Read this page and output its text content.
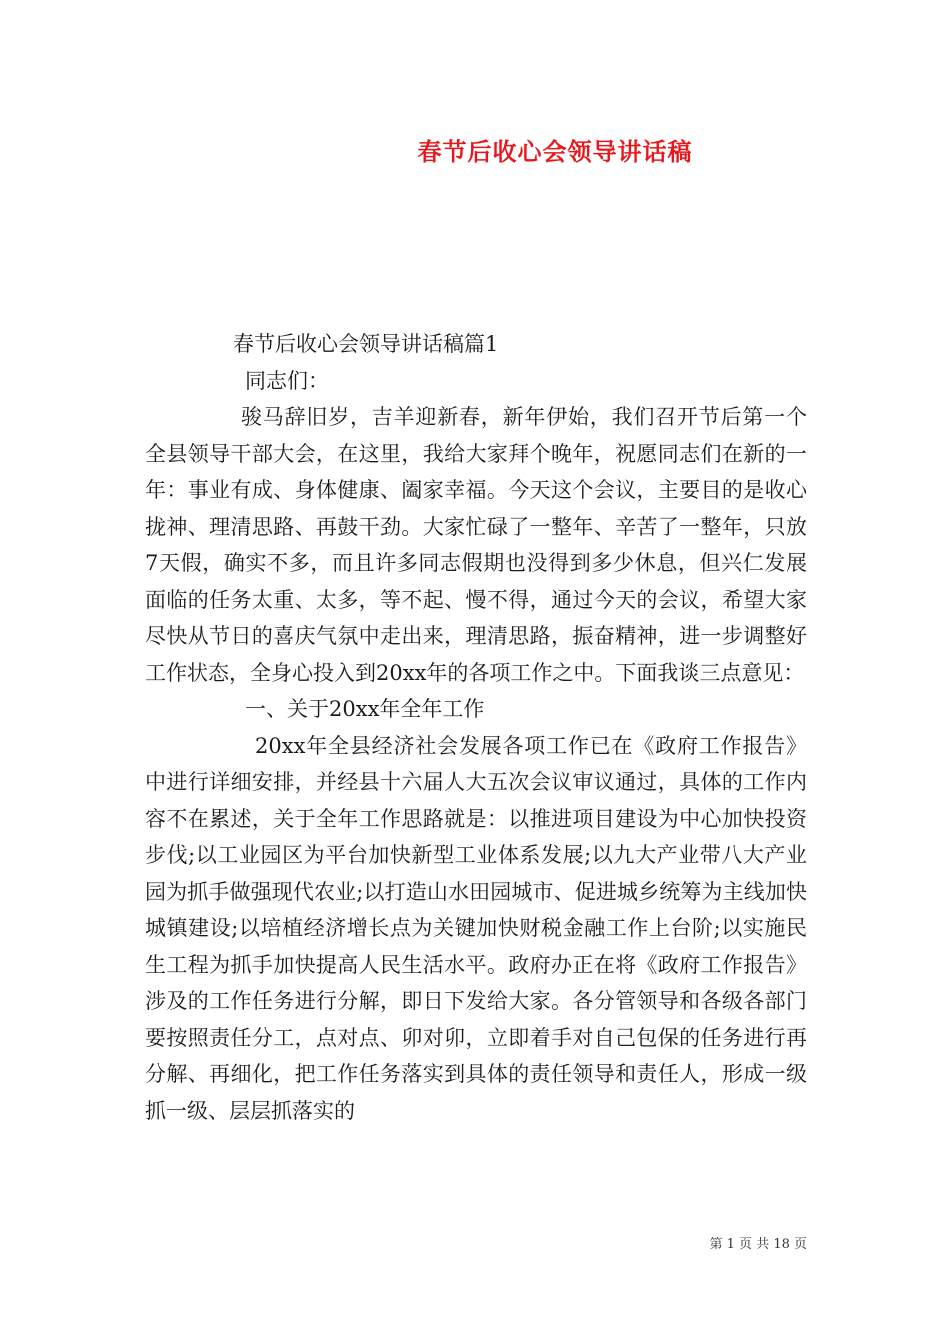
春节后收心会领导讲话稿
春节后收心会领导讲话稿篇1
同志们：

骏马辞旧岁，吉羊迎新春，新年伊始，我们召开节后第一个全县领导干部大会，在这里，我给大家拜个晚年，祝愿同志们在新的一年：事业有成、身体健康、阖家幸福。今天这个会议，主要目的是收心拢神、理清思路、再鼓干劲。大家忙碌了一整年、辛苦了一整年，只放7天假，确实不多，而且许多同志假期也没得到多少休息，但兴仁发展面临的任务太重、太多，等不起、慢不得，通过今天的会议，希望大家尽快从节日的喜庆气氛中走出来，理清思路，振奋精神，进一步调整好工作状态，全身心投入到20xx年的各项工作之中。下面我谈三点意见：

一、关于20xx年全年工作

20xx年全县经济社会发展各项工作已在《政府工作报告》中进行详细安排，并经县十六届人大五次会议审议通过，具体的工作内容不在累述，关于全年工作思路就是：以推进项目建设为中心加快投资步伐;以工业园区为平台加快新型工业体系发展;以九大产业带八大产业园为抓手做强现代农业;以打造山水田园城市、促进城乡统筹为主线加快城镇建设;以培植经济增长点为关键加快财税金融工作上台阶;以实施民生工程为抓手加快提高人民生活水平。政府办正在将《政府工作报告》涉及的工作任务进行分解，即日下发给大家。各分管领导和各级各部门要按照责任分工，点对点、卯对卯，立即着手对自己包保的任务进行再分解、再细化，把工作任务落实到具体的责任领导和责任人，形成一级抓一级、层层抓落实的

第 1 页 共 18 页
